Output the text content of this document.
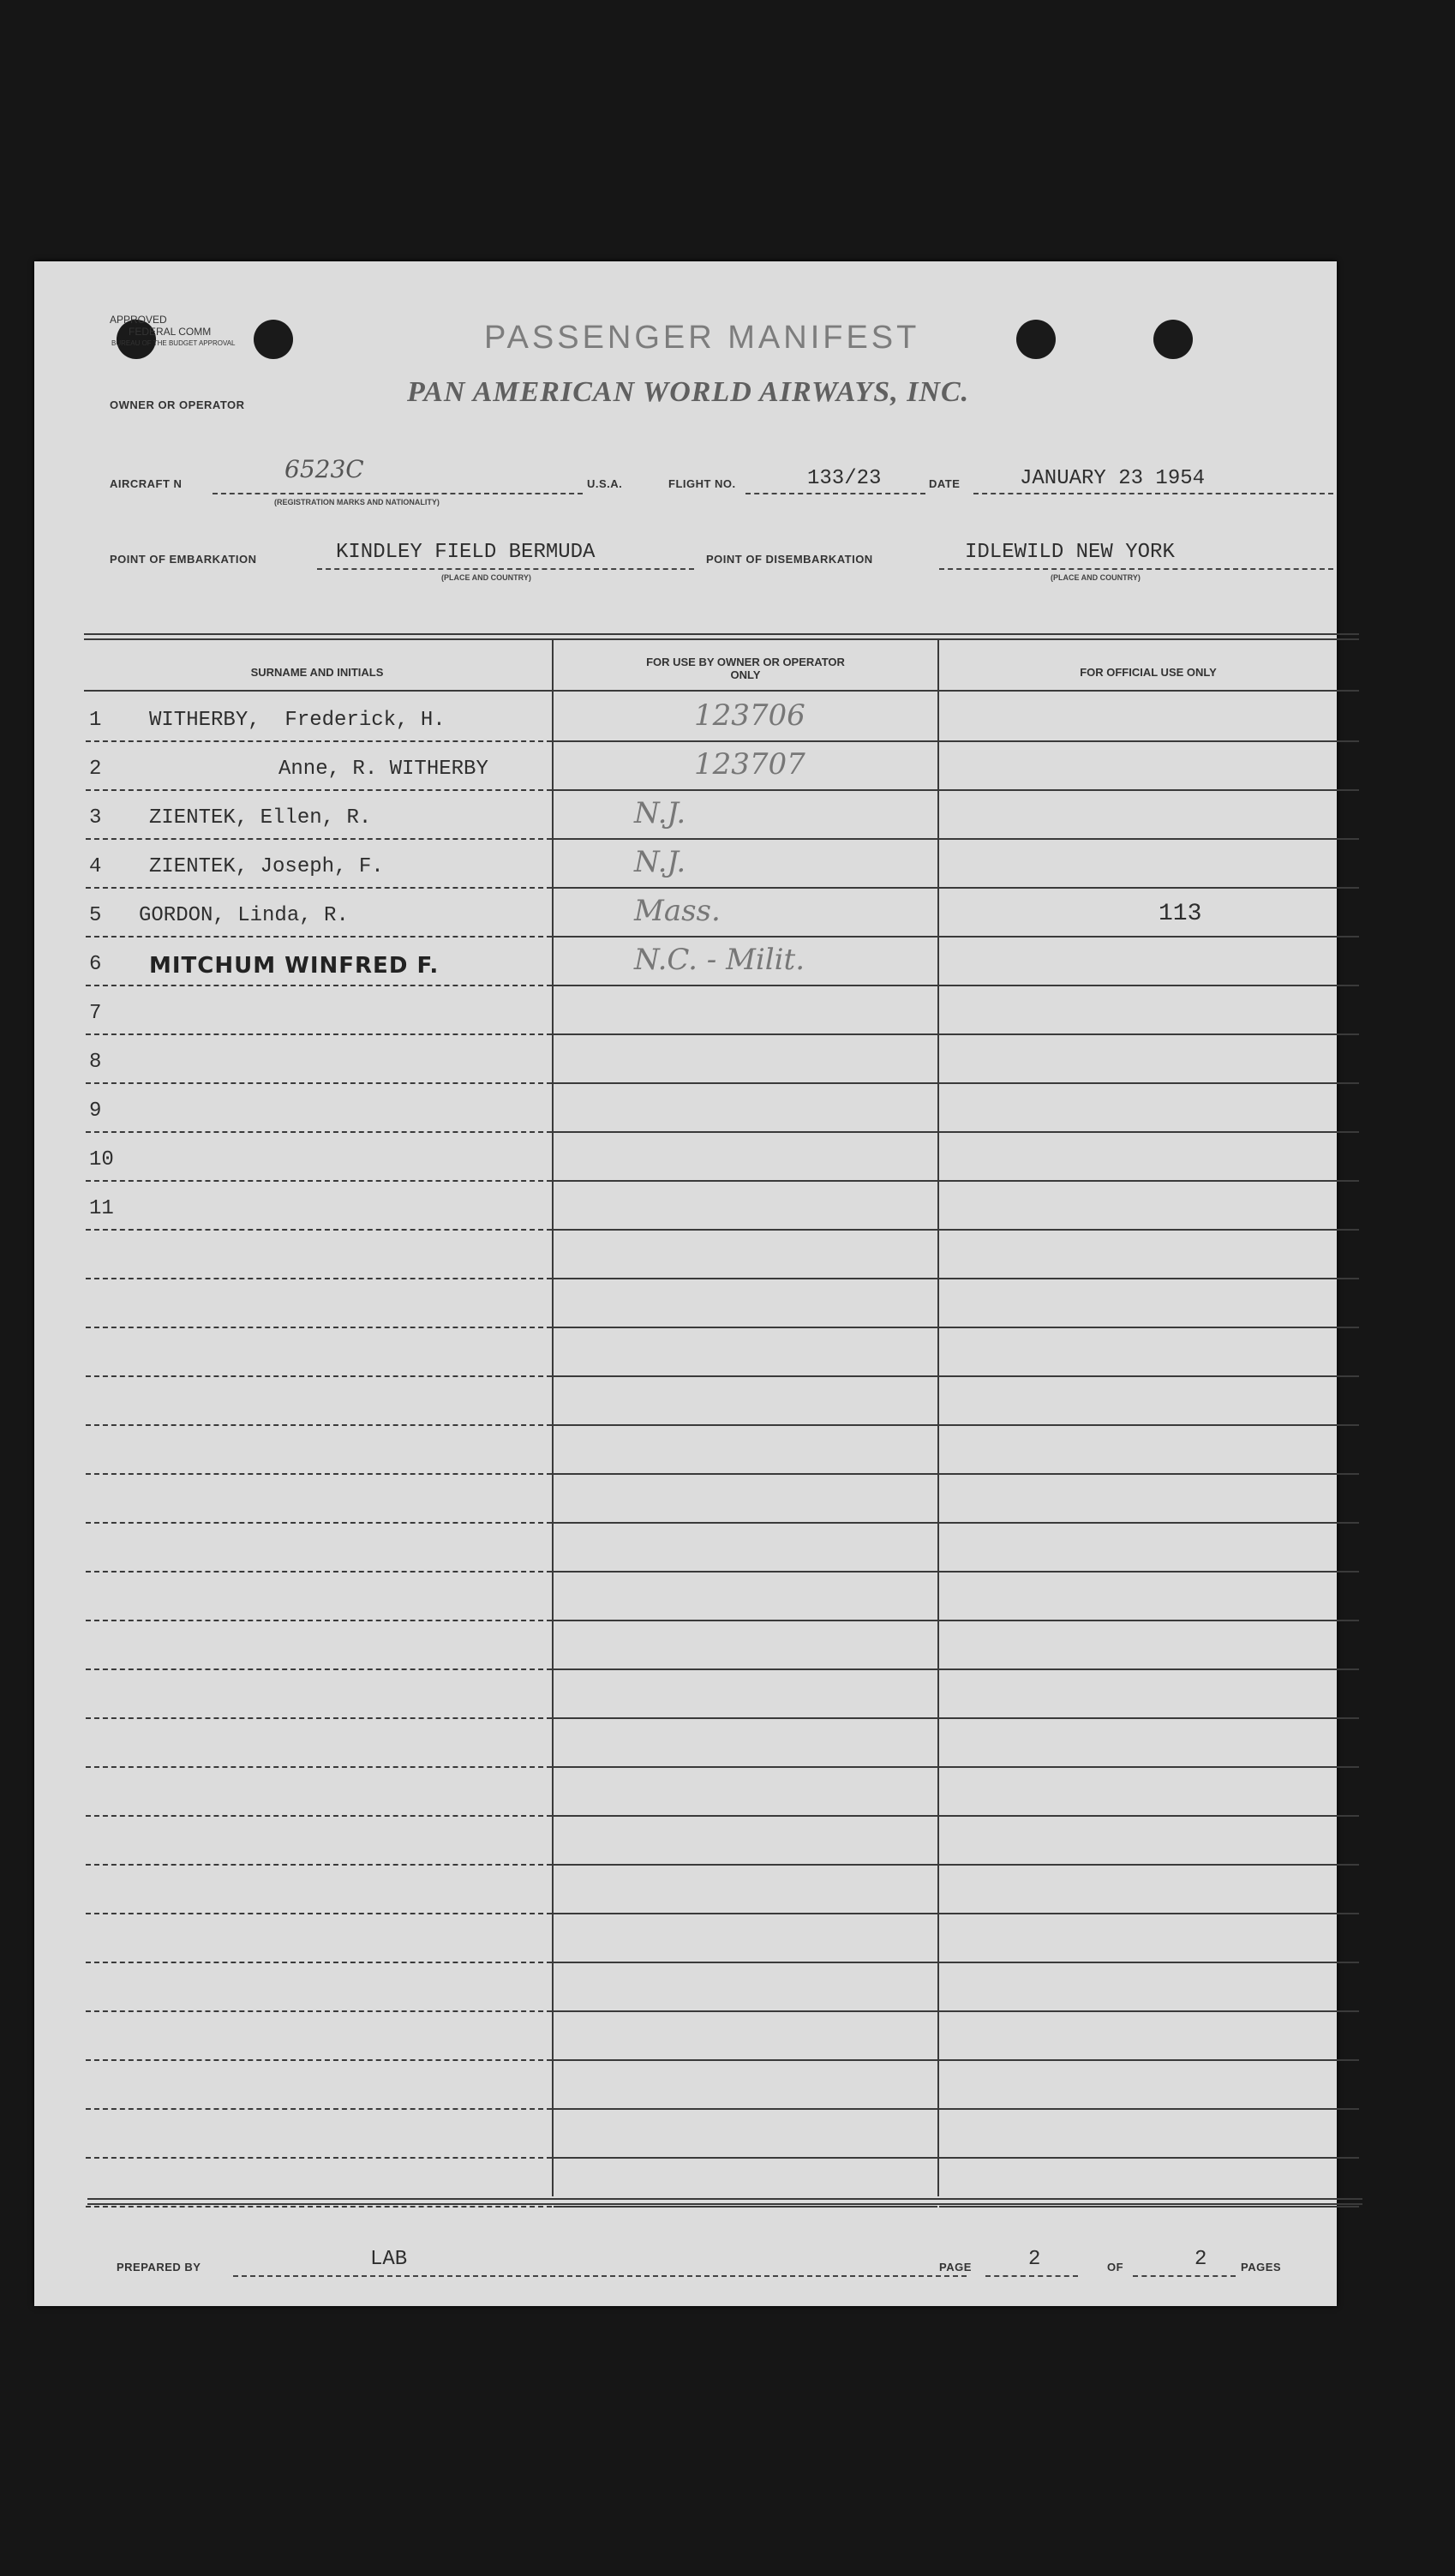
APPROVED
FEDERAL COMM
BUREAU OF THE BUDGET APPROVAL	PASSENGER MANIFEST
OWNER OR OPERATOR	PAN AMERICAN WORLD AIRWAYS, INC.
AIRCRAFT N
6523C
(REGISTRATION MARKS AND NATIONALITY)
U.S.A.	FLIGHT NO.	133/23	DATE	JANUARY 23 1954
POINT OF EMBARKATION	KINDLEY FIELD BERMUDA
(PLACE AND COUNTRY)
POINT OF DISEMBARKATION	IDLEWILD NEW YORK
(PLACE AND COUNTRY)
SURNAME AND INITIALS
FOR USE BY OWNER OR OPERATOR ONLY	FOR OFFICIAL USE ONLY
1 WITHERBY,  Frederick, H.	123706
2	Anne, R. WITHERBY	123707
3 ZIENTEK, Ellen, R.	N.J.
4 ZIENTEK, Joseph, F.	N.J.
5 GORDON, Linda, R.	Mass.	113
6 MITCHUM WINFRED F.	N.C. - Milit.
7
8
9
10
11
PREPARED BY	LAB	PAGE	2	OF	2	PAGES
